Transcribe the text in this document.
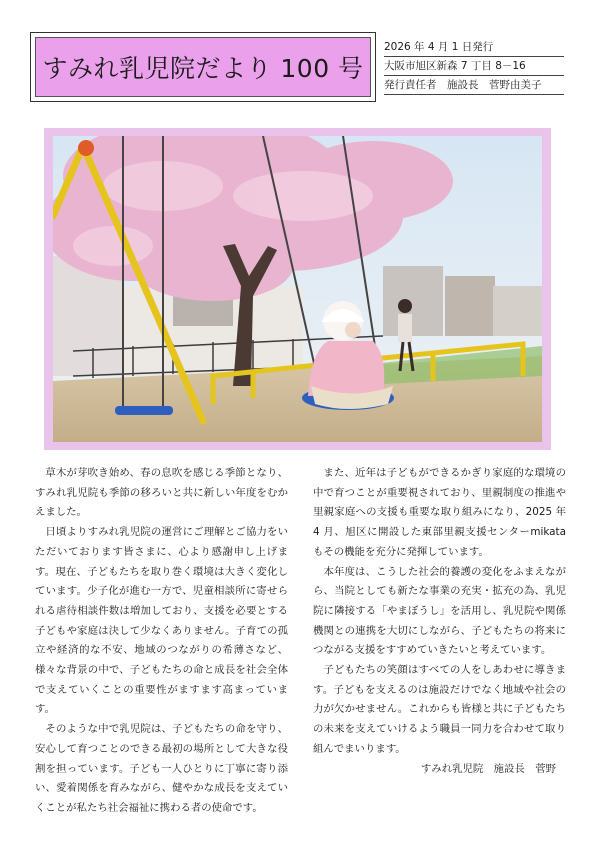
すみれ乳児院だより 100 号
2026 年 4 月 1 日発行
大阪市旭区新森 7 丁目 8－16
発行責任者　施設長　菅野由美子

草木が芽吹き始め、春の息吹を感じる季節となり、すみれ乳児院も季節の移ろいと共に新しい年度をむかえました。

日頃よりすみれ乳児院の運営にご理解とご協力をいただいております皆さまに、心より感謝申し上げます。現在、子どもたちを取り巻く環境は大きく変化しています。少子化が進む一方で、児童相談所に寄せられる虐待相談件数は増加しており、支援を必要とする子どもや家庭は決して少なくありません。子育ての孤立や経済的な不安、地域のつながりの希薄さなど、様々な背景の中で、子どもたちの命と成長を社会全体で支えていくことの重要性がますます高まっています。

そのような中で乳児院は、子どもたちの命を守り、安心して育つことのできる最初の場所として大きな役割を担っています。子ども一人ひとりに丁寧に寄り添い、愛着関係を育みながら、健やかな成長を支えていくことが私たち社会福祉に携わる者の使命です。

また、近年は子どもができるかぎり家庭的な環境の中で育つことが重要視されており、里親制度の推進や里親家庭への支援も重要な取り組みになり、2025 年 4 月、旭区に開設した東部里親支援センターmikata もその機能を充分に発揮しています。

本年度は、こうした社会的養護の変化をふまえながら、当院としても新たな事業の充実・拡充の為、乳児院に隣接する「やまぼうし」を活用し、乳児院や関係機関との連携を大切にしながら、子どもたちの将来につながる支援をすすめていきたいと考えています。

子どもたちの笑顔はすべての人をしあわせに導きます。子どもを支えるのは施設だけでなく地域や社会の力が欠かせません。これからも皆様と共に子どもたちの未来を支えていけるよう職員一同力を合わせて取り組んでまいります。

すみれ乳児院　施設長　菅野
